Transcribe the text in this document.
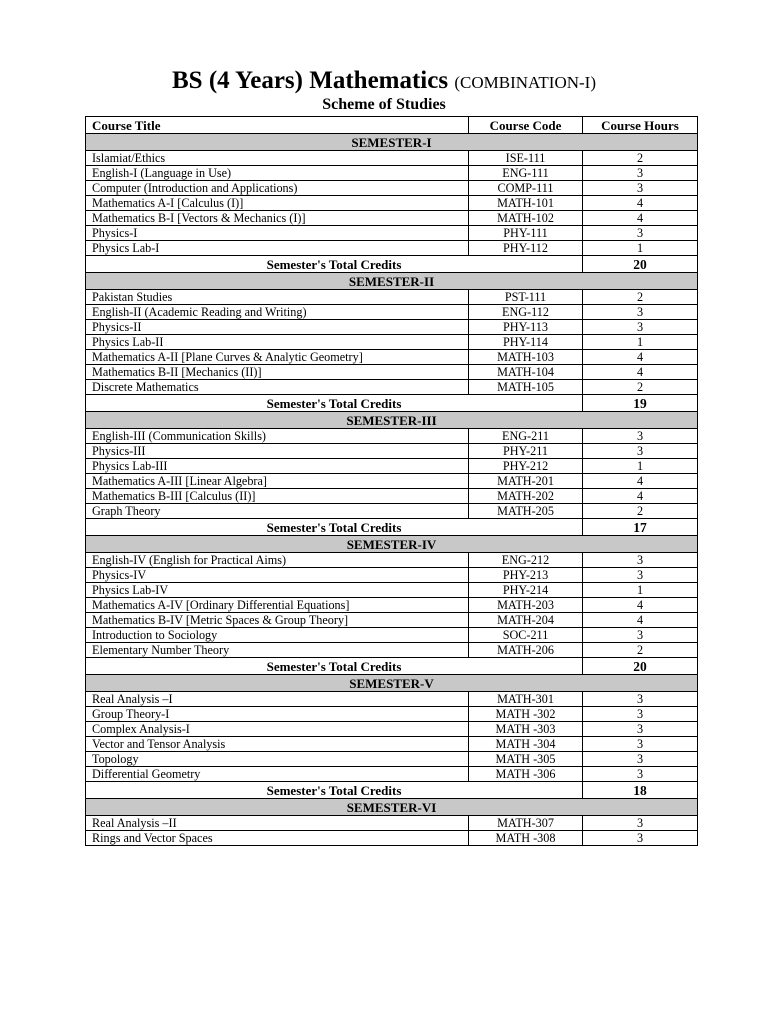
BS (4 Years) Mathematics (COMBINATION-I)
Scheme of Studies
Course Title	Course Code	Course Hours
SEMESTER-I		
Islamiat/Ethics	ISE-111	2
English-I (Language in Use)	ENG-111	3
Computer (Introduction and Applications)	COMP-111	3
Mathematics A-I [Calculus (I)]	MATH-101	4
Mathematics B-I [Vectors & Mechanics (I)]	MATH-102	4
Physics-I	PHY-111	3
Physics Lab-I	PHY-112	1
Semester's Total Credits		20
SEMESTER-II		
Pakistan Studies	PST-111	2
English-II (Academic Reading and Writing)	ENG-112	3
Physics-II	PHY-113	3
Physics Lab-II	PHY-114	1
Mathematics A-II [Plane Curves & Analytic Geometry]	MATH-103	4
Mathematics B-II [Mechanics (II)]	MATH-104	4
Discrete Mathematics	MATH-105	2
Semester's Total Credits		19
SEMESTER-III		
English-III (Communication Skills)	ENG-211	3
Physics-III	PHY-211	3
Physics Lab-III	PHY-212	1
Mathematics A-III [Linear Algebra]	MATH-201	4
Mathematics B-III [Calculus (II)]	MATH-202	4
Graph Theory	MATH-205	2
Semester's Total Credits		17
SEMESTER-IV		
English-IV (English for Practical Aims)	ENG-212	3
Physics-IV	PHY-213	3
Physics Lab-IV	PHY-214	1
Mathematics A-IV [Ordinary Differential Equations]	MATH-203	4
Mathematics B-IV [Metric Spaces & Group Theory]	MATH-204	4
Introduction to Sociology	SOC-211	3
Elementary Number Theory	MATH-206	2
Semester's Total Credits		20
SEMESTER-V		
Real Analysis –I	MATH-301	3
Group Theory-I	MATH -302	3
Complex Analysis-I	MATH -303	3
Vector and Tensor Analysis	MATH -304	3
Topology	MATH -305	3
Differential Geometry	MATH -306	3
Semester's Total Credits		18
SEMESTER-VI		
Real Analysis –II	MATH-307	3
Rings and Vector Spaces	MATH -308	3
